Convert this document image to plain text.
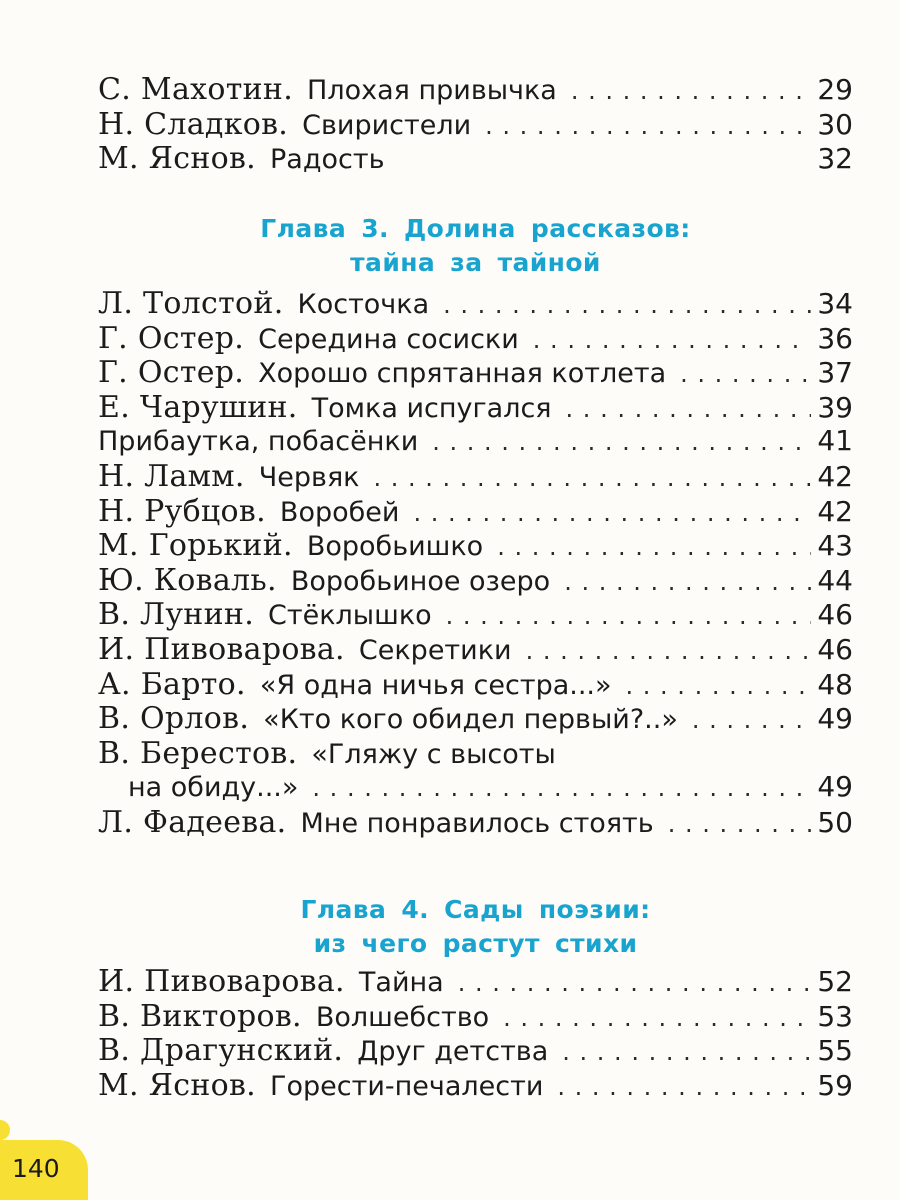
С. Махотин. Плохая привычка . . .	29
Н. Сладков. Свиристели . . .	30
М. Яснов. Радость	32
Глава 3. Долина рассказов:
тайна за тайной
Л. Толстой. Косточка . . .	34
Г. Остер. Середина сосиски . . .	36
Г. Остер. Хорошо спрятанная котлета . . .	37
Е. Чарушин. Томка испугался . . .	39
Прибаутка, побасёнки . . .	41
Н. Ламм. Червяк . . .	42
Н. Рубцов. Воробей . . .	42
М. Горький. Воробьишко . . .	43
Ю. Коваль. Воробьиное озеро . . .	44
В. Лунин. Стёклышко . . .	46
И. Пивоварова. Секретики . . .	46
А. Барто. «Я одна ничья сестра...» . . .	48
В. Орлов. «Кто кого обидел первый?..» . . .	49
В. Берестов. «Гляжу с высоты
на обиду...» . . .	49
Л. Фадеева. Мне понравилось стоять . . .	50
Глава 4. Сады поэзии:
из чего растут стихи
И. Пивоварова. Тайна . . .	52
В. Викторов. Волшебство . . .	53
В. Драгунский. Друг детства . . .	55
М. Яснов. Горести-печалести . . .	59
140
